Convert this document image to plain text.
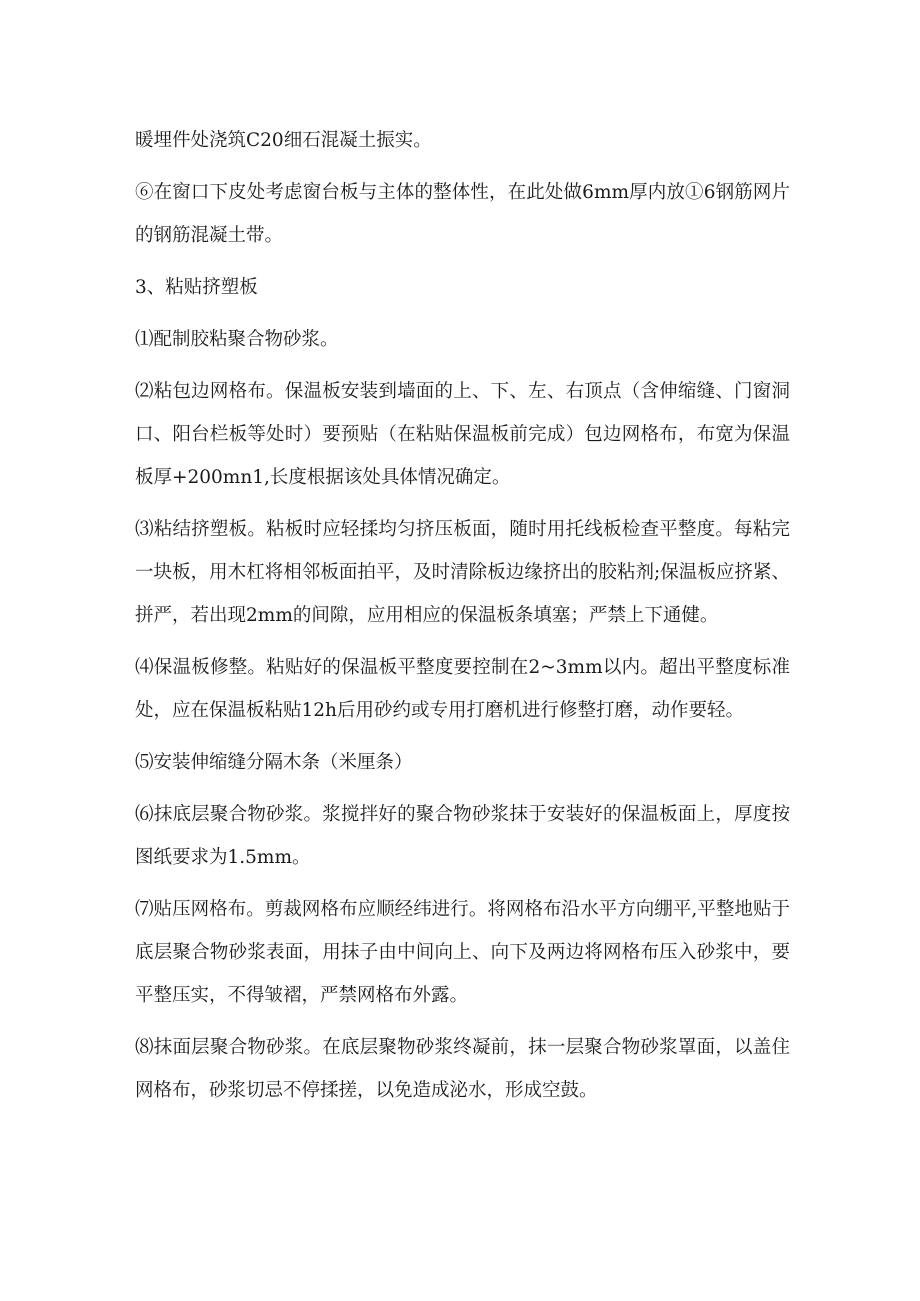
暖埋件处浇筑C20细石混凝土振实。

⑥在窗口下皮处考虑窗台板与主体的整体性，在此处做6mm厚内放①6钢筋网片的钢筋混凝土带。

3、粘贴挤塑板

⑴配制胶粘聚合物砂浆。

⑵粘包边网格布。保温板安装到墙面的上、下、左、右顶点（含伸缩缝、门窗洞口、阳台栏板等处时）要预贴（在粘贴保温板前完成）包边网格布，布宽为保温板厚+200mn1,长度根据该处具体情况确定。

⑶粘结挤塑板。粘板时应轻揉均匀挤压板面，随时用托线板检查平整度。每粘完一块板，用木杠将相邻板面拍平，及时清除板边缘挤出的胶粘剂;保温板应挤紧、拼严，若出现2mm的间隙，应用相应的保温板条填塞；严禁上下通健。

⑷保温板修整。粘贴好的保温板平整度要控制在2~3mm以内。超出平整度标准处，应在保温板粘贴12h后用砂约或专用打磨机进行修整打磨，动作要轻。

⑸安装伸缩缝分隔木条（米厘条）

⑹抹底层聚合物砂浆。浆搅拌好的聚合物砂浆抹于安装好的保温板面上，厚度按图纸要求为1.5mm。

⑺贴压网格布。剪裁网格布应顺经纬进行。将网格布沿水平方向绷平,平整地贴于底层聚合物砂浆表面，用抹子由中间向上、向下及两边将网格布压入砂浆中，要平整压实，不得皱褶，严禁网格布外露。

⑻抹面层聚合物砂浆。在底层聚物砂浆终凝前，抹一层聚合物砂浆罩面，以盖住网格布，砂浆切忌不停揉搓，以免造成泌水，形成空鼓。
